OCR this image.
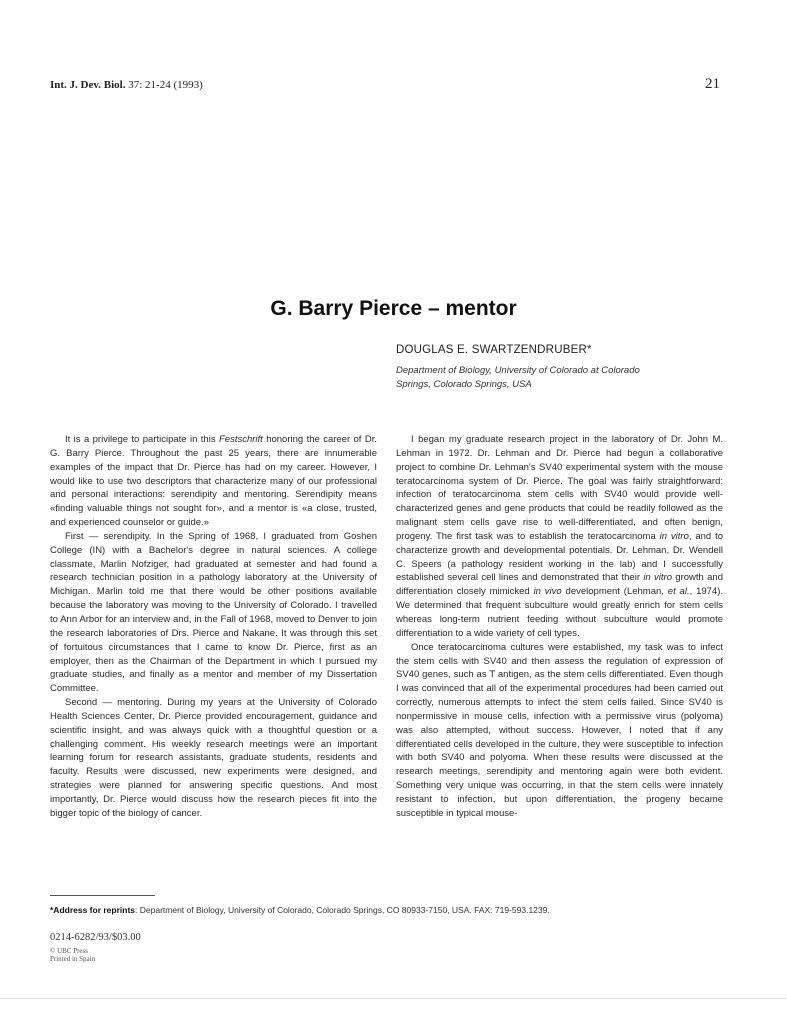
Int. J. Dev. Biol. 37: 21-24 (1993)	21
G. Barry Pierce – mentor
DOUGLAS E. SWARTZENDRUBER*
Department of Biology, University of Colorado at Colorado
Springs, Colorado Springs, USA

It is a privilege to participate in this Festschrift honoring the career of Dr. G. Barry Pierce. Throughout the past 25 years, there are innumerable examples of the impact that Dr. Pierce has had on my career. However, I would like to use two descriptors that characterize many of our professional and personal interactions: serendipity and mentoring. Serendipity means «finding valuable things not sought for», and a mentor is «a close, trusted, and experienced counselor or guide.»

First — serendipity. In the Spring of 1968, I graduated from Goshen College (IN) with a Bachelor's degree in natural sciences. A college classmate, Marlin Nofziger, had graduated at semester and had found a research technician position in a pathology laboratory at the University of Michigan. Marlin told me that there would be other positions available because the laboratory was moving to the University of Colorado. I travelled to Ann Arbor for an interview and, in the Fall of 1968, moved to Denver to join the research laboratories of Drs. Pierce and Nakane. It was through this set of fortuitous circumstances that I came to know Dr. Pierce, first as an employer, then as the Chairman of the Department in which I pursued my graduate studies, and finally as a mentor and member of my Dissertation Committee.

Second — mentoring. During my years at the University of Colorado Health Sciences Center, Dr. Pierce provided encouragement, guidance and scientific insight, and was always quick with a thoughtful question or a challenging comment. His weekly research meetings were an important learning forum for research assistants, graduate students, residents and faculty. Results were discussed, new experiments were designed, and strategies were planned for answering specific questions. And most importantly, Dr. Pierce would discuss how the research pieces fit into the bigger topic of the biology of cancer.

I began my graduate research project in the laboratory of Dr. John M. Lehman in 1972. Dr. Lehman and Dr. Pierce had begun a collaborative project to combine Dr. Lehman's SV40 experimental system with the mouse teratocarcinoma system of Dr. Pierce. The goal was fairly straightforward: infection of teratocarcinoma stem cells with SV40 would provide well-characterized genes and gene products that could be readily followed as the malignant stem cells gave rise to well-differentiated, and often benign, progeny. The first task was to establish the teratocarcinoma in vitro, and to characterize growth and developmental potentials. Dr. Lehman, Dr. Wendell C. Speers (a pathology resident working in the lab) and I successfully established several cell lines and demonstrated that their in vitro growth and differentiation closely mimicked in vivo development (Lehman, et al., 1974). We determined that frequent subculture would greatly enrich for stem cells whereas long-term nutrient feeding without subculture would promote differentiation to a wide variety of cell types.

Once teratocarcinoma cultures were established, my task was to infect the stem cells with SV40 and then assess the regulation of expression of SV40 genes, such as T antigen, as the stem cells differentiated. Even though I was convinced that all of the experimental procedures had been carried out correctly, numerous attempts to infect the stem cells failed. Since SV40 is nonpermissive in mouse cells, infection with a permissive virus (polyoma) was also attempted, without success. However, I noted that if any differentiated cells developed in the culture, they were susceptible to infection with both SV40 and polyoma. When these results were discussed at the research meetings, serendipity and mentoring again were both evident. Something very unique was occurring, in that the stem cells were innately resistant to infection, but upon differentiation, the progeny became susceptible in typical mouse-

*Address for reprints: Department of Biology, University of Colorado, Colorado Springs, CO 80933-7150, USA. FAX: 719-593.1239.
0214-6282/93/$03.00
© UBC Press
Printed in Spain
